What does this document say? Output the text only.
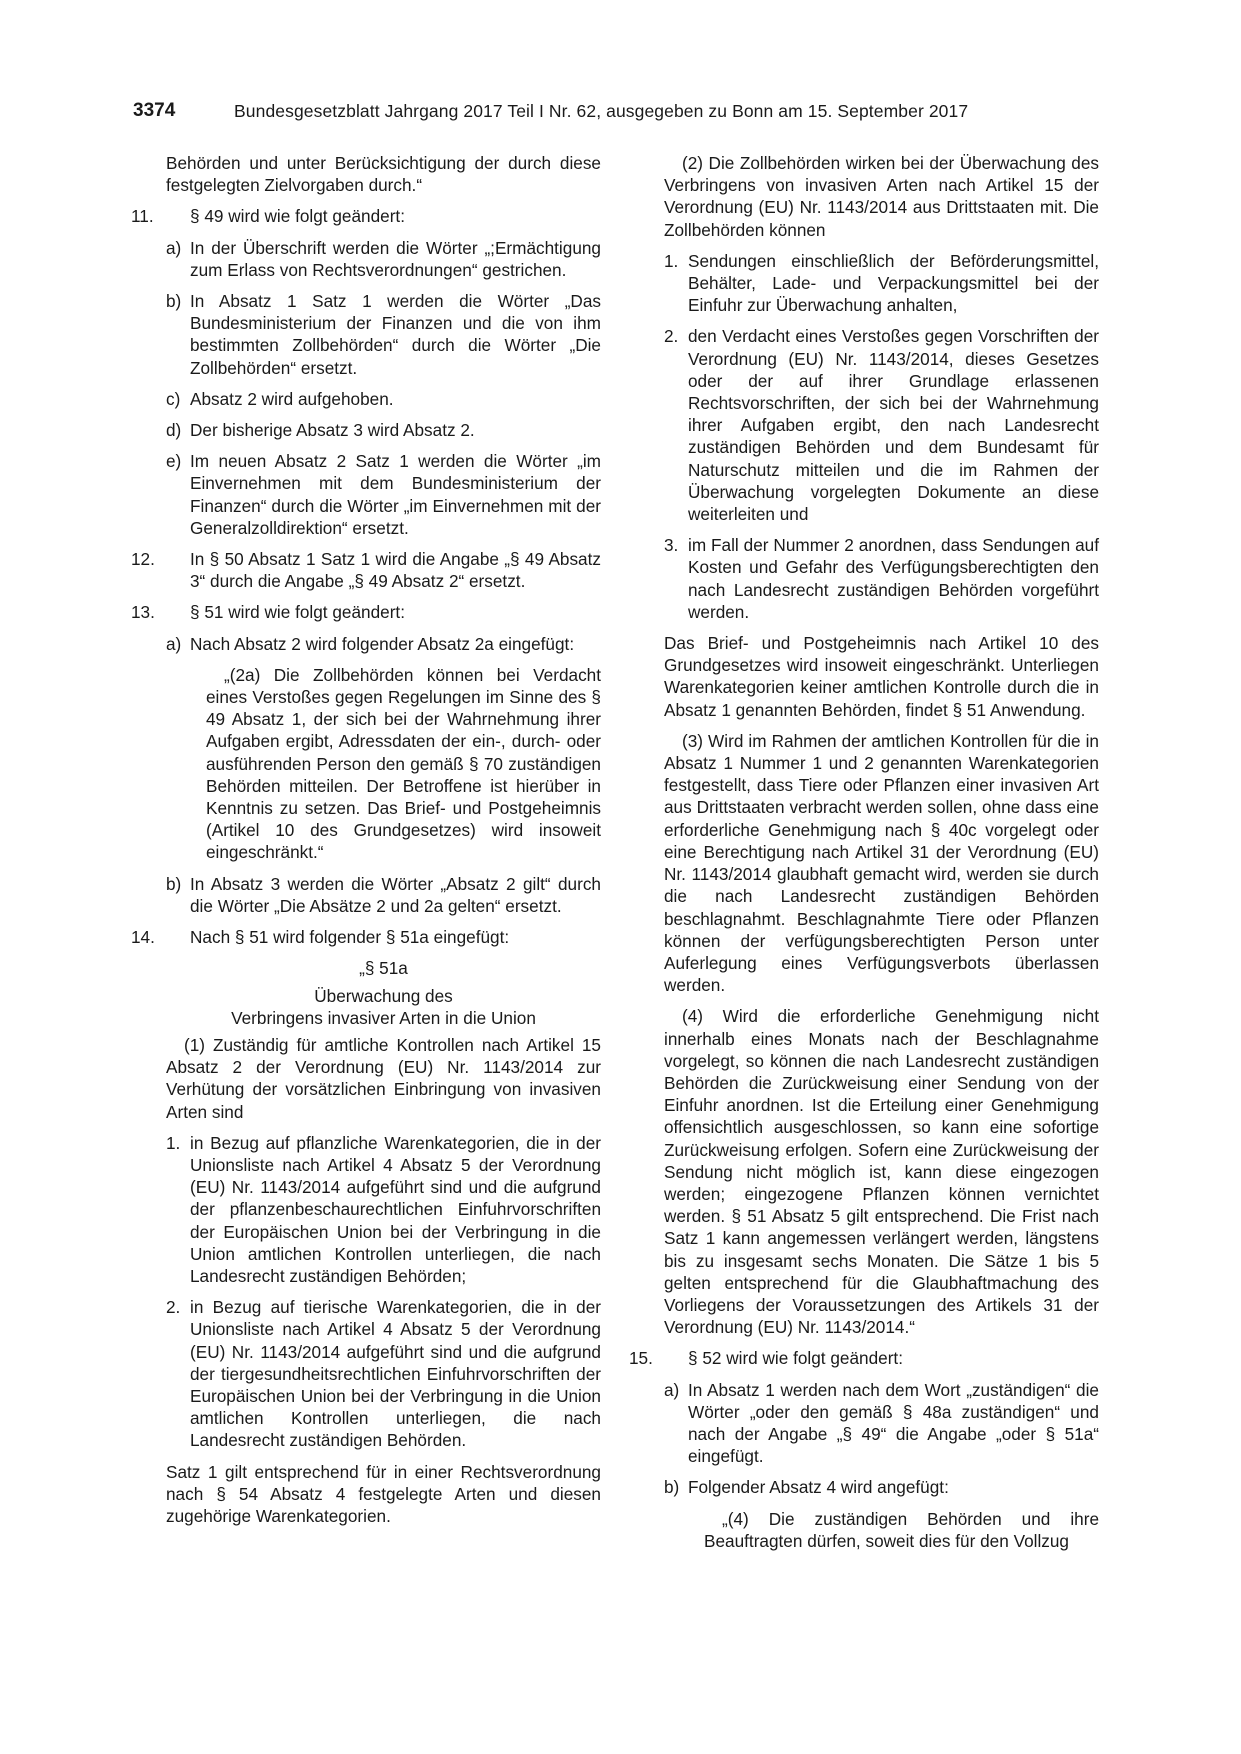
3374	Bundesgesetzblatt Jahrgang 2017 Teil I Nr. 62, ausgegeben zu Bonn am 15. September 2017

Behörden und unter Berücksichtigung der durch diese festgelegten Zielvorgaben durch.“

11. § 49 wird wie folgt geändert:
a) In der Überschrift werden die Wörter „;Ermächtigung zum Erlass von Rechtsverordnungen“ gestrichen.
b) In Absatz 1 Satz 1 werden die Wörter „Das Bundesministerium der Finanzen und die von ihm bestimmten Zollbehörden“ durch die Wörter „Die Zollbehörden“ ersetzt.
c) Absatz 2 wird aufgehoben.
d) Der bisherige Absatz 3 wird Absatz 2.
e) Im neuen Absatz 2 Satz 1 werden die Wörter „im Einvernehmen mit dem Bundesministerium der Finanzen“ durch die Wörter „im Einvernehmen mit der Generalzolldirektion“ ersetzt.
12. In § 50 Absatz 1 Satz 1 wird die Angabe „§ 49 Absatz 3“ durch die Angabe „§ 49 Absatz 2“ ersetzt.
13. § 51 wird wie folgt geändert:
a) Nach Absatz 2 wird folgender Absatz 2a eingefügt:

„(2a) Die Zollbehörden können bei Verdacht eines Verstoßes gegen Regelungen im Sinne des § 49 Absatz 1, der sich bei der Wahrnehmung ihrer Aufgaben ergibt, Adressdaten der ein-, durch- oder ausführenden Person den gemäß § 70 zuständigen Behörden mitteilen. Der Betroffene ist hierüber in Kenntnis zu setzen. Das Brief- und Postgeheimnis (Artikel 10 des Grundgesetzes) wird insoweit eingeschränkt.“

b) In Absatz 3 werden die Wörter „Absatz 2 gilt“ durch die Wörter „Die Absätze 2 und 2a gelten“ ersetzt.
14. Nach § 51 wird folgender § 51a eingefügt:

„§ 51a

Überwachung des

Verbringens invasiver Arten in die Union

(1) Zuständig für amtliche Kontrollen nach Artikel 15 Absatz 2 der Verordnung (EU) Nr. 1143/2014 zur Verhütung der vorsätzlichen Einbringung von invasiven Arten sind

1. in Bezug auf pflanzliche Warenkategorien, die in der Unionsliste nach Artikel 4 Absatz 5 der Verordnung (EU) Nr. 1143/2014 aufgeführt sind und die aufgrund der pflanzenbeschaurechtlichen Einfuhrvorschriften der Europäischen Union bei der Verbringung in die Union amtlichen Kontrollen unterliegen, die nach Landesrecht zuständigen Behörden;
2. in Bezug auf tierische Warenkategorien, die in der Unionsliste nach Artikel 4 Absatz 5 der Verordnung (EU) Nr. 1143/2014 aufgeführt sind und die aufgrund der tiergesundheitsrechtlichen Einfuhrvorschriften der Europäischen Union bei der Verbringung in die Union amtlichen Kontrollen unterliegen, die nach Landesrecht zuständigen Behörden.

Satz 1 gilt entsprechend für in einer Rechtsverordnung nach § 54 Absatz 4 festgelegte Arten und diesen zugehörige Warenkategorien.

(2) Die Zollbehörden wirken bei der Überwachung des Verbringens von invasiven Arten nach Artikel 15 der Verordnung (EU) Nr. 1143/2014 aus Drittstaaten mit. Die Zollbehörden können

1. Sendungen einschließlich der Beförderungsmittel, Behälter, Lade- und Verpackungsmittel bei der Einfuhr zur Überwachung anhalten,
2. den Verdacht eines Verstoßes gegen Vorschriften der Verordnung (EU) Nr. 1143/2014, dieses Gesetzes oder der auf ihrer Grundlage erlassenen Rechtsvorschriften, der sich bei der Wahrnehmung ihrer Aufgaben ergibt, den nach Landesrecht zuständigen Behörden und dem Bundesamt für Naturschutz mitteilen und die im Rahmen der Überwachung vorgelegten Dokumente an diese weiterleiten und
3. im Fall der Nummer 2 anordnen, dass Sendungen auf Kosten und Gefahr des Verfügungsberechtigten den nach Landesrecht zuständigen Behörden vorgeführt werden.

Das Brief- und Postgeheimnis nach Artikel 10 des Grundgesetzes wird insoweit eingeschränkt. Unterliegen Warenkategorien keiner amtlichen Kontrolle durch die in Absatz 1 genannten Behörden, findet § 51 Anwendung.

(3) Wird im Rahmen der amtlichen Kontrollen für die in Absatz 1 Nummer 1 und 2 genannten Warenkategorien festgestellt, dass Tiere oder Pflanzen einer invasiven Art aus Drittstaaten verbracht werden sollen, ohne dass eine erforderliche Genehmigung nach § 40c vorgelegt oder eine Berechtigung nach Artikel 31 der Verordnung (EU) Nr. 1143/2014 glaubhaft gemacht wird, werden sie durch die nach Landesrecht zuständigen Behörden beschlagnahmt. Beschlagnahmte Tiere oder Pflanzen können der verfügungsberechtigten Person unter Auferlegung eines Verfügungsverbots überlassen werden.

(4) Wird die erforderliche Genehmigung nicht innerhalb eines Monats nach der Beschlagnahme vorgelegt, so können die nach Landesrecht zuständigen Behörden die Zurückweisung einer Sendung von der Einfuhr anordnen. Ist die Erteilung einer Genehmigung offensichtlich ausgeschlossen, so kann eine sofortige Zurückweisung erfolgen. Sofern eine Zurückweisung der Sendung nicht möglich ist, kann diese eingezogen werden; eingezogene Pflanzen können vernichtet werden. § 51 Absatz 5 gilt entsprechend. Die Frist nach Satz 1 kann angemessen verlängert werden, längstens bis zu insgesamt sechs Monaten. Die Sätze 1 bis 5 gelten entsprechend für die Glaubhaftmachung des Vorliegens der Voraussetzungen des Artikels 31 der Verordnung (EU) Nr. 1143/2014.“

15. § 52 wird wie folgt geändert:
a) In Absatz 1 werden nach dem Wort „zuständigen“ die Wörter „oder den gemäß § 48a zuständigen“ und nach der Angabe „§ 49“ die Angabe „oder § 51a“ eingefügt.
b) Folgender Absatz 4 wird angefügt:

„(4) Die zuständigen Behörden und ihre Beauftragten dürfen, soweit dies für den Vollzug
